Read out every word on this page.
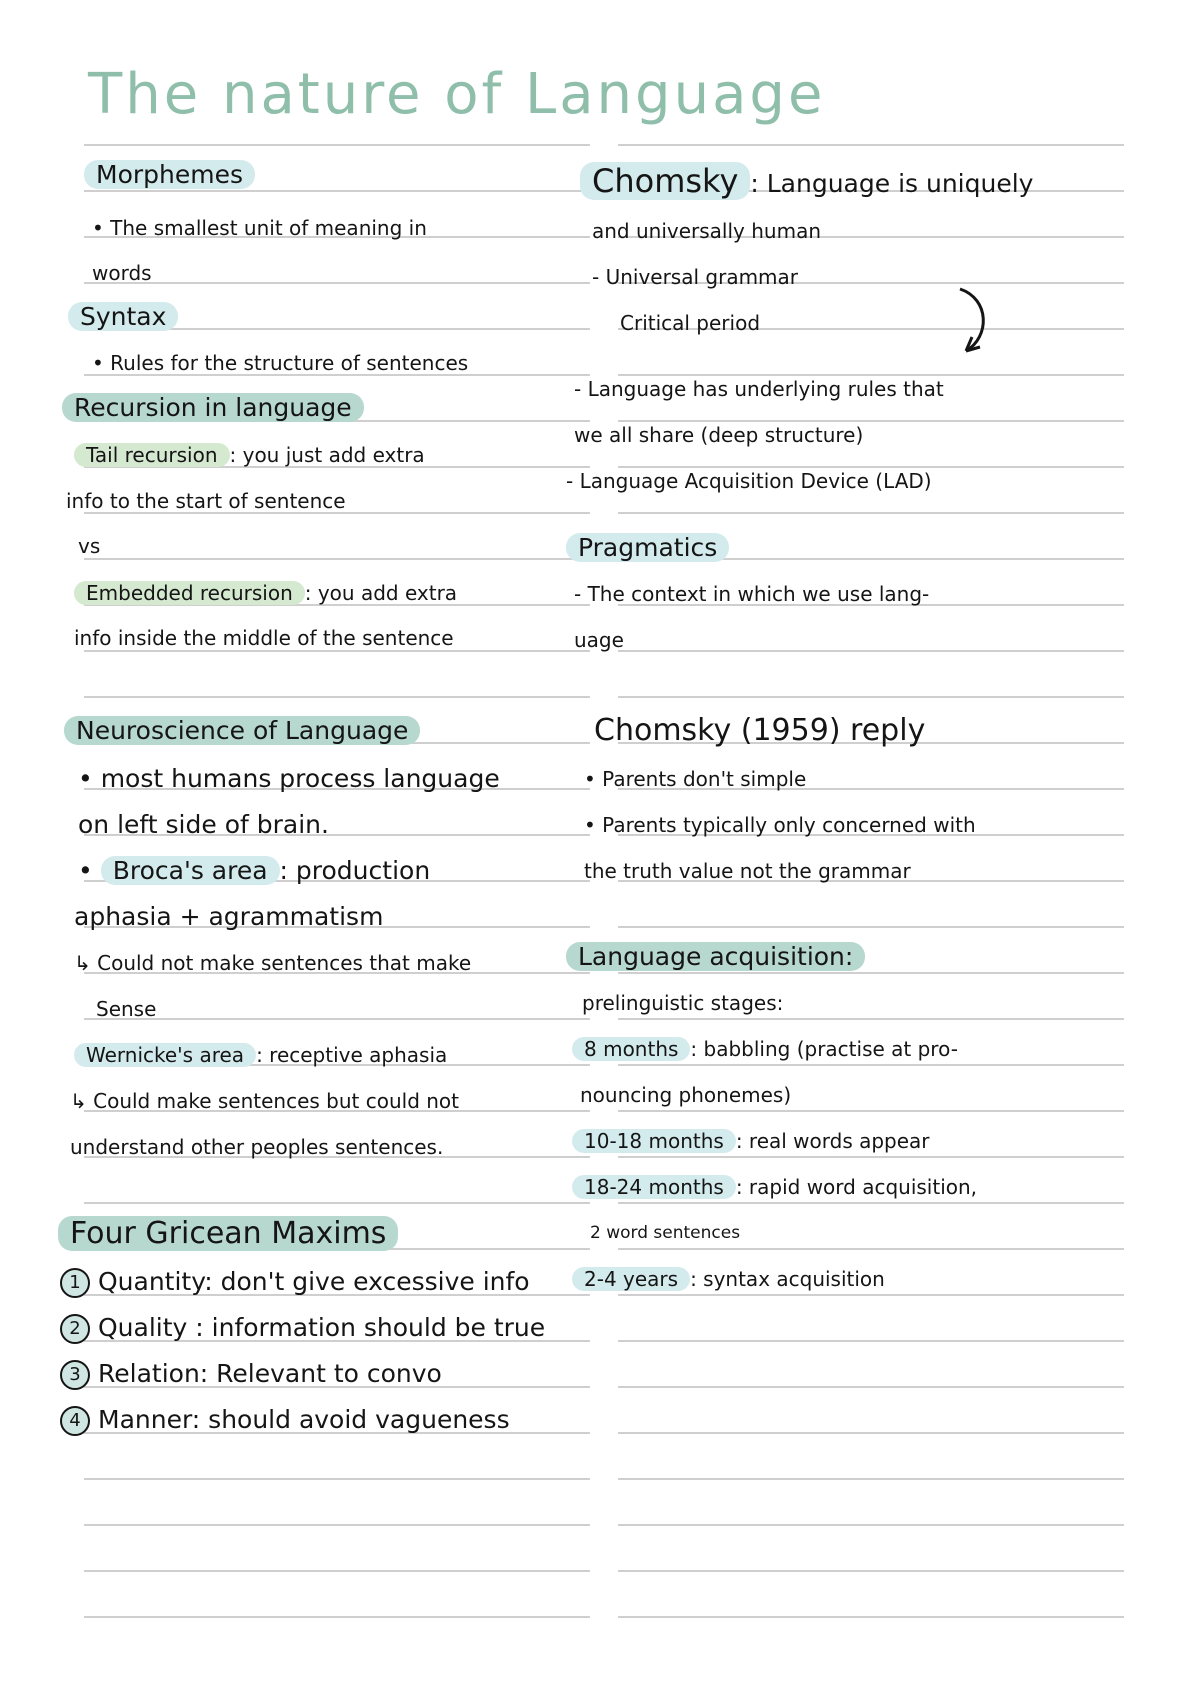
The nature of Language
Morphemes
• The smallest unit of meaning in
words
Syntax
• Rules for the structure of sentences
Recursion in language
Tail recursion : you just add extra
info to the start of sentence
vs
Embedded recursion : you add extra
info inside the middle of the sentence
Neuroscience of Language
• most humans process language
on left side of brain.
• Broca's area : production
aphasia + agrammatism
↳ Could not make sentences that make
Sense
Wernicke's area : receptive aphasia
↳ Could make sentences but could not
understand other peoples sentences.
Four Gricean Maxims
1 Quantity: don't give excessive info
2 Quality : information should be true
3 Relation: Relevant to convo
4 Manner: should avoid vagueness
Chomsky : Language is uniquely
and universally human
- Universal grammar
Critical period
- Language has underlying rules that
we all share (deep structure)
- Language Acquisition Device (LAD)
Pragmatics
- The context in which we use lang-
uage
Chomsky (1959) reply
• Parents don't simple
• Parents typically only concerned with
the truth value not the grammar
Language acquisition:
prelinguistic stages:
8 months : babbling (practise at pro-
nouncing phonemes)
10-18 months : real words appear
18-24 months : rapid word acquisition,
2 word sentences
2-4 years : syntax acquisition
